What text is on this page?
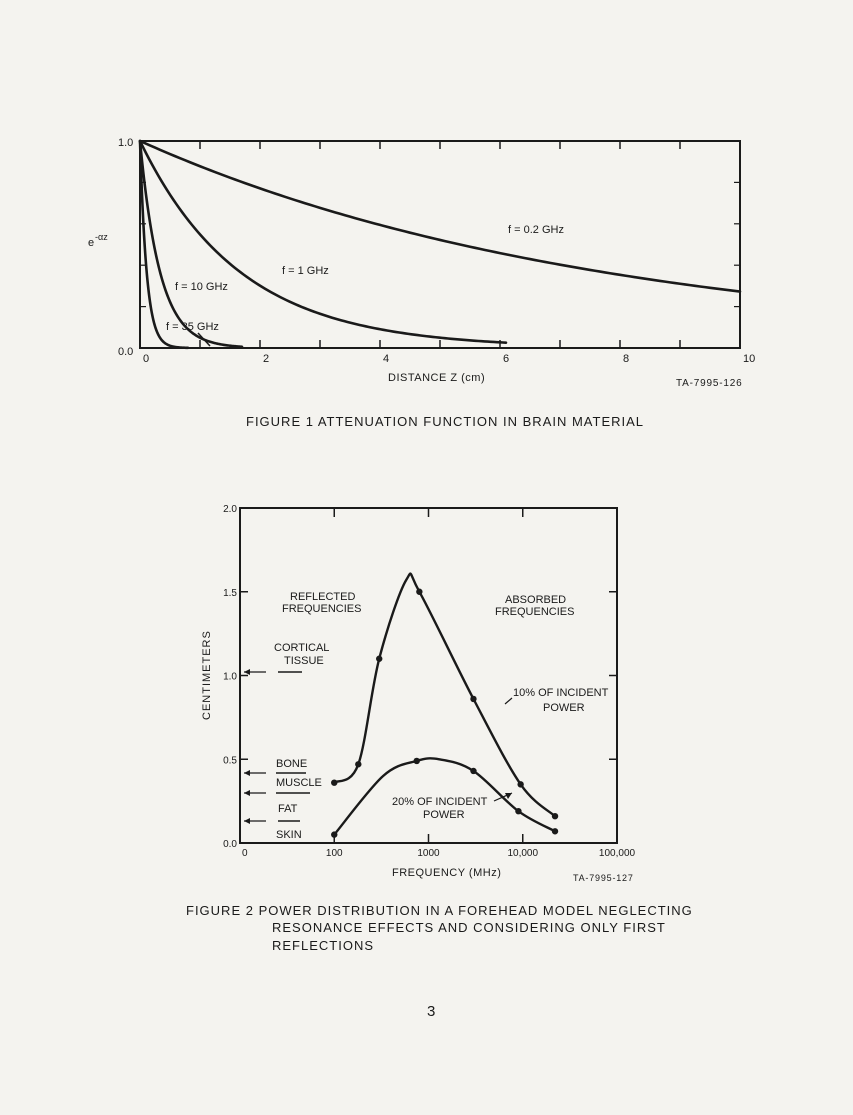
0	2	4	6	8	10
0.0
1.0
e -αz
DISTANCE Z (cm)	TA-7995-126
f = 0.2 GHz
f = 1 GHz
f = 10 GHz
f = 35 GHz
FIGURE 1 ATTENUATION FUNCTION IN BRAIN MATERIAL
0	100	1000	10,000	100,000
0.0
0.5
1.0
1.5
2.0
CENTIMETERS
FREQUENCY (MHz)	TA-7995-127
REFLECTED
FREQUENCIES
ABSORBED
FREQUENCIES
CORTICAL
TISSUE
BONE
MUSCLE
FAT
SKIN
10% OF INCIDENT
POWER
20% OF INCIDENT
POWER
FIGURE 2 POWER DISTRIBUTION IN A FOREHEAD MODEL NEGLECTING
RESONANCE EFFECTS AND CONSIDERING ONLY FIRST
REFLECTIONS
3
